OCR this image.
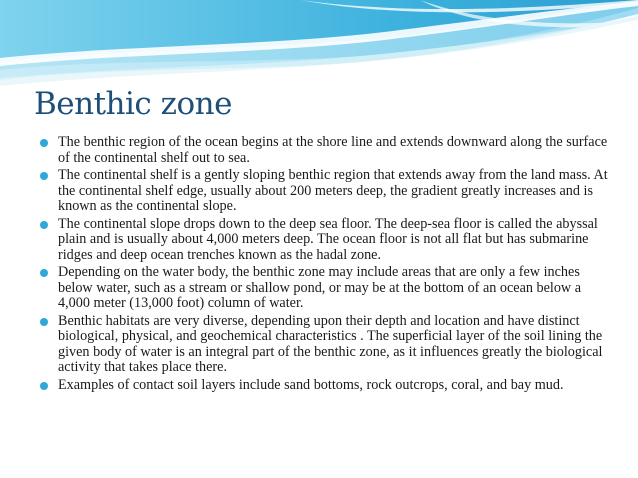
Benthic zone
The benthic region of the ocean begins at the shore line and extends downward along the surface of the continental shelf out to sea.
The continental shelf is a gently sloping benthic region that extends away from the land mass. At the continental shelf edge, usually about 200 meters deep, the gradient greatly increases and is known as the continental slope.
The continental slope drops down to the deep sea floor. The deep-sea floor is called the abyssal plain and is usually about 4,000 meters deep. The ocean floor is not all flat but has submarine ridges and deep ocean trenches known as the hadal zone.
Depending on the water body, the benthic zone may include areas that are only a few inches below water, such as a stream or shallow pond, or may be at the bottom of an ocean below a 4,000 meter (13,000 foot) column of water.
Benthic habitats are very diverse, depending upon their depth and location and have distinct biological, physical, and geochemical characteristics . The superficial layer of the soil lining the given body of water is an integral part of the benthic zone, as it influences greatly the biological activity that takes place there.
Examples of contact soil layers include sand bottoms, rock outcrops, coral, and bay mud.
